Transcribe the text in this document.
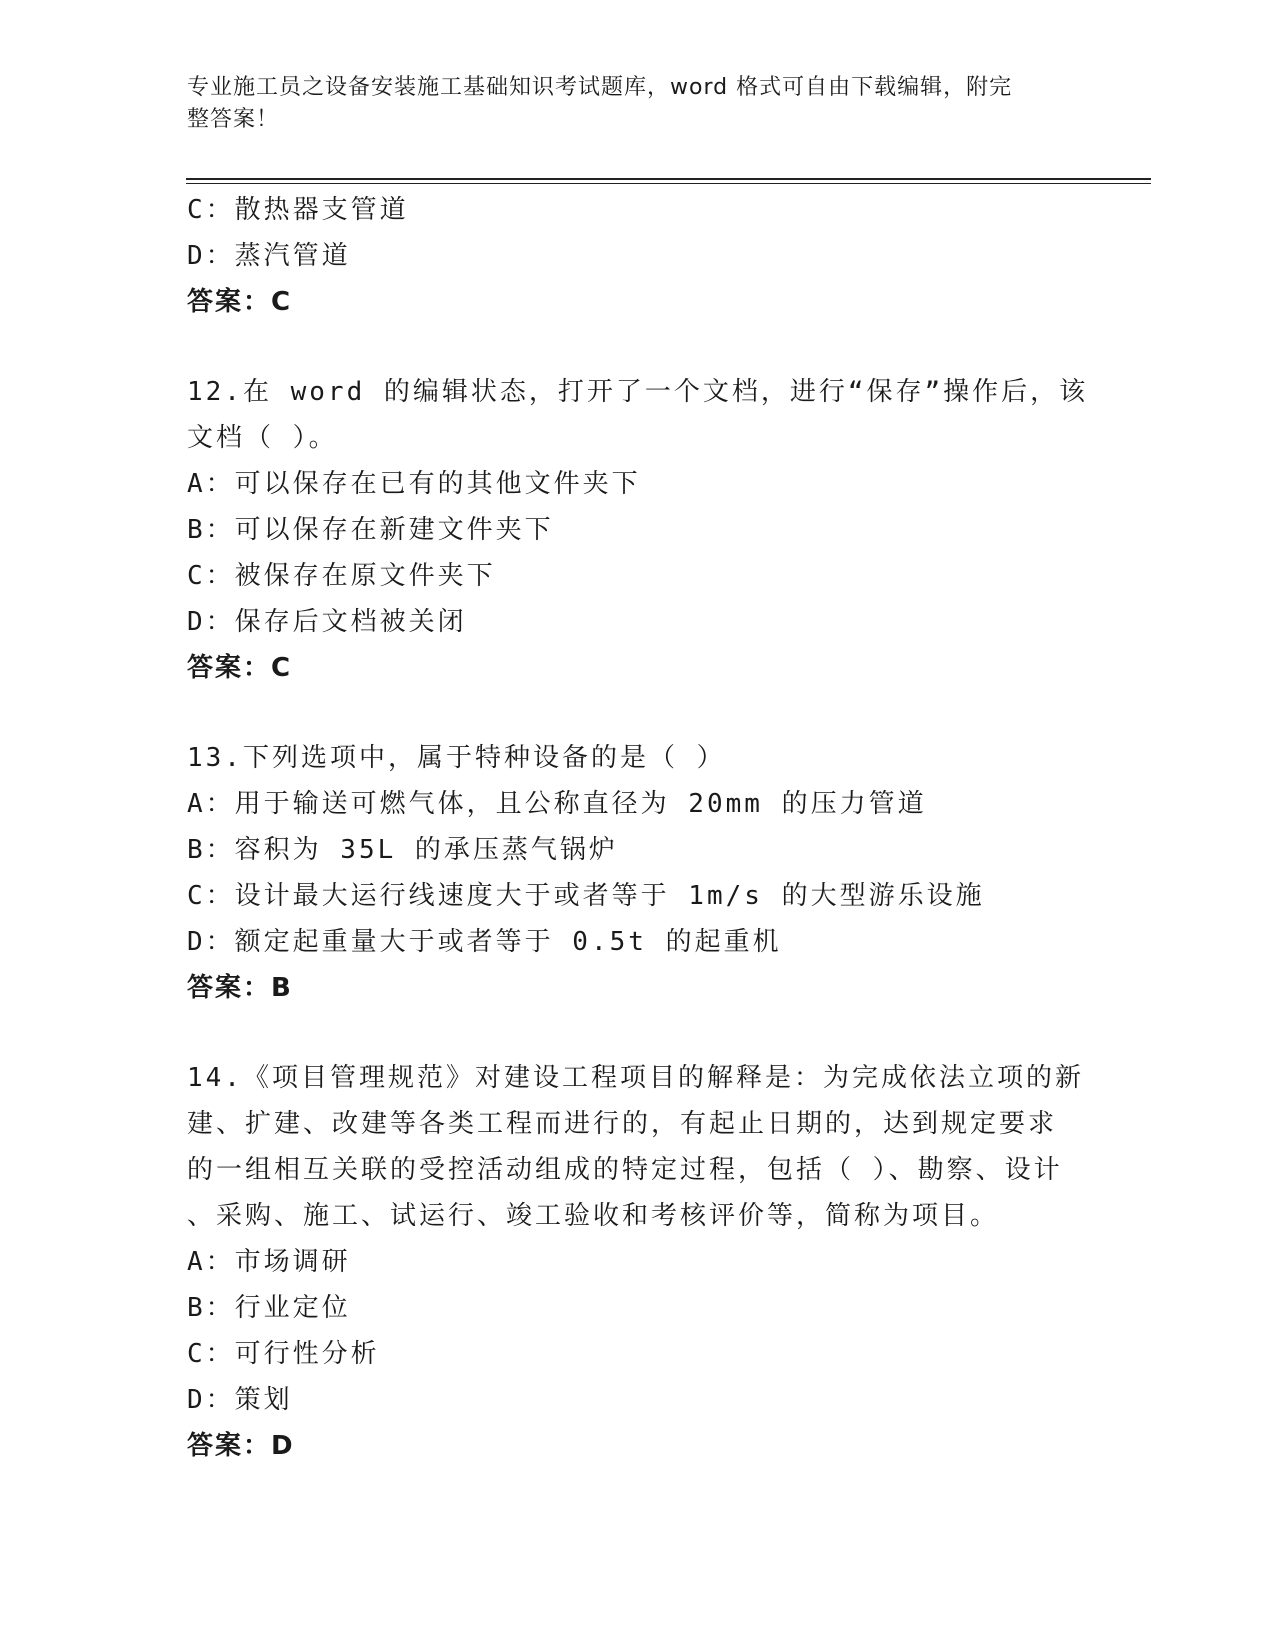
专业施工员之设备安装施工基础知识考试题库，word 格式可自由下载编辑，附完
整答案！
C：散热器支管道
D：蒸汽管道
答案：C
12.在 word 的编辑状态，打开了一个文档，进行“保存”操作后，该
文档（ ）。
A：可以保存在已有的其他文件夹下
B：可以保存在新建文件夹下
C：被保存在原文件夹下
D：保存后文档被关闭
答案：C
13.下列选项中，属于特种设备的是（ ）
A：用于输送可燃气体，且公称直径为 20mm 的压力管道
B：容积为 35L 的承压蒸气锅炉
C：设计最大运行线速度大于或者等于 1m/s 的大型游乐设施
D：额定起重量大于或者等于 0.5t 的起重机
答案：B
14.《项目管理规范》对建设工程项目的解释是：为完成依法立项的新
建、扩建、改建等各类工程而进行的，有起止日期的，达到规定要求
的一组相互关联的受控活动组成的特定过程，包括（ ）、勘察、设计
、采购、施工、试运行、竣工验收和考核评价等，简称为项目。
A：市场调研
B：行业定位
C：可行性分析
D：策划
答案：D
